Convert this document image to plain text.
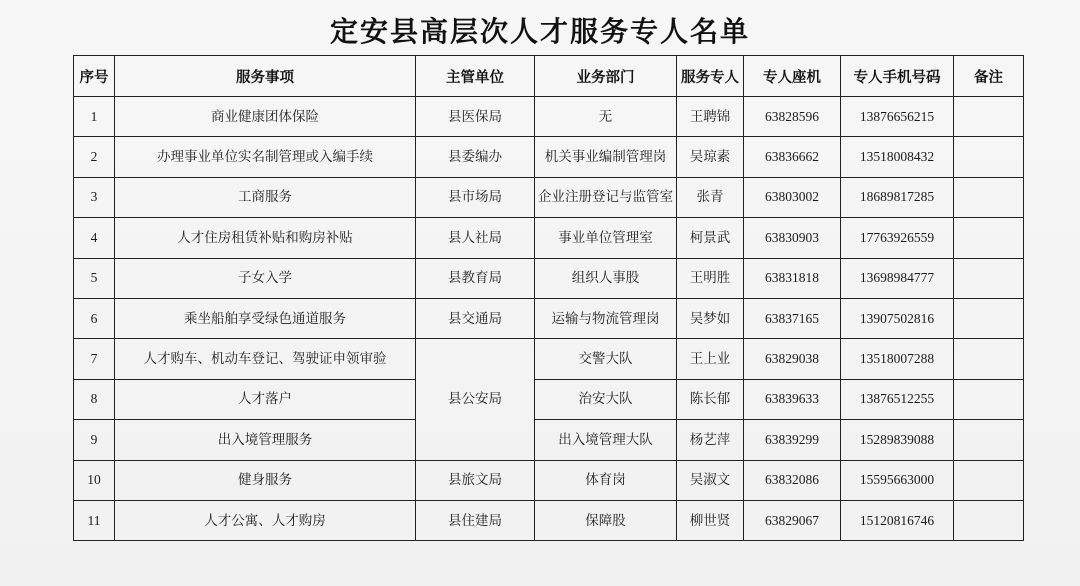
定安县高层次人才服务专人名单
序号	服务事项	主管单位	业务部门	服务专人	专人座机	专人手机号码	备注
1	商业健康团体保险	县医保局	无	王聘锦	63828596	13876656215	
2	办理事业单位实名制管理或入编手续	县委编办	机关事业编制管理岗	吴琼素	63836662	13518008432	
3	工商服务	县市场局	企业注册登记与监管室	张青	63803002	18689817285	
4	人才住房租赁补贴和购房补贴	县人社局	事业单位管理室	柯景武	63830903	17763926559	
5	子女入学	县教育局	组织人事股	王明胜	63831818	13698984777	
6	乘坐船舶享受绿色通道服务	县交通局	运输与物流管理岗	吴梦如	63837165	13907502816	
7	人才购车、机动车登记、驾驶证申领审验	县公安局	交警大队	王上业	63829038	13518007288	
8	人才落户		治安大队	陈长郁	63839633	13876512255	
9	出入境管理服务		出入境管理大队	杨艺萍	63839299	15289839088	
10	健身服务	县旅文局	体育岗	吴淑文	63832086	15595663000	
11	人才公寓、人才购房	县住建局	保障股	柳世贤	63829067	15120816746	
